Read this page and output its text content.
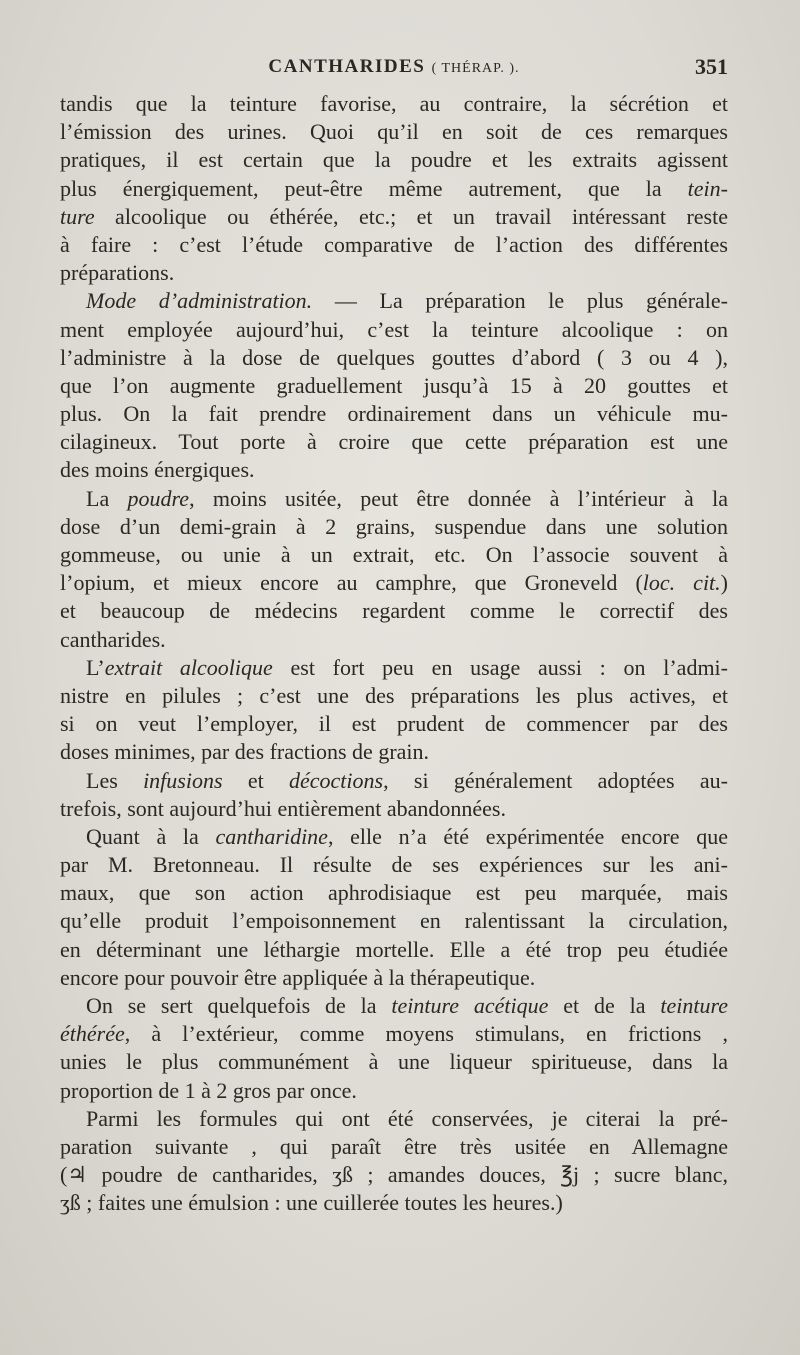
CANTHARIDES ( THÉRAP. ).	351
tandis que la teinture favorise, au contraire, la sécrétion et
l’émission des urines. Quoi qu’il en soit de ces remarques
pratiques, il est certain que la poudre et les extraits agissent
plus énergiquement, peut-être même autrement, que la tein-
ture alcoolique ou éthérée, etc.; et un travail intéressant reste
à faire : c’est l’étude comparative de l’action des différentes
préparations.
Mode d’administration. — La préparation le plus générale-
ment employée aujourd’hui, c’est la teinture alcoolique : on
l’administre à la dose de quelques gouttes d’abord ( 3 ou 4 ),
que l’on augmente graduellement jusqu’à 15 à 20 gouttes et
plus. On la fait prendre ordinairement dans un véhicule mu-
cilagineux. Tout porte à croire que cette préparation est une
des moins énergiques.
La poudre, moins usitée, peut être donnée à l’intérieur à la
dose d’un demi-grain à 2 grains, suspendue dans une solution
gommeuse, ou unie à un extrait, etc. On l’associe souvent à
l’opium, et mieux encore au camphre, que Groneveld (loc. cit.)
et beaucoup de médecins regardent comme le correctif des
cantharides.
L’extrait alcoolique est fort peu en usage aussi : on l’admi-
nistre en pilules ; c’est une des préparations les plus actives, et
si on veut l’employer, il est prudent de commencer par des
doses minimes, par des fractions de grain.
Les infusions et décoctions, si généralement adoptées au-
trefois, sont aujourd’hui entièrement abandonnées.
Quant à la cantharidine, elle n’a été expérimentée encore que
par M. Bretonneau. Il résulte de ses expériences sur les ani-
maux, que son action aphrodisiaque est peu marquée, mais
qu’elle produit l’empoisonnement en ralentissant la circulation,
en déterminant une léthargie mortelle. Elle a été trop peu étudiée
encore pour pouvoir être appliquée à la thérapeutique.
On se sert quelquefois de la teinture acétique et de la teinture
éthérée, à l’extérieur, comme moyens stimulans, en frictions ,
unies le plus communément à une liqueur spiritueuse, dans la
proportion de 1 à 2 gros par once.
Parmi les formules qui ont été conservées, je citerai la pré-
paration suivante , qui paraît être très usitée en Allemagne
(♃ poudre de cantharides, ʒß ; amandes douces, ℥j ; sucre blanc,
ʒß ; faites une émulsion : une cuillerée toutes les heures.)
